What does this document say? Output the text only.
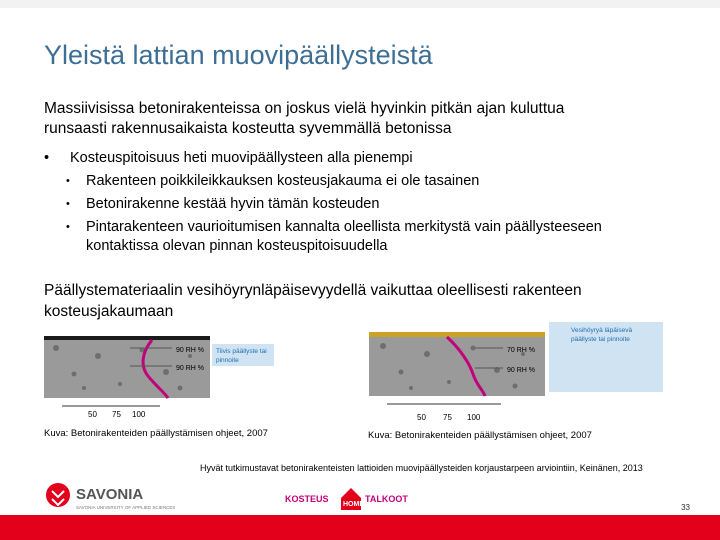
Yleistä lattian muovipäällysteistä
Massiivisissa betonirakenteissa on joskus vielä hyvinkin pitkän ajan kuluttua
runsaasti rakennusaikaista kosteutta syvemmällä betonissa
• Kosteuspitoisuus heti muovipäällysteen alla pienempi
• Rakenteen poikkileikkauksen kosteusjakauma ei ole tasainen
• Betonirakenne kestää hyvin tämän kosteuden
• Pintarakenteen vaurioitumisen kannalta oleellista merkitystä vain päällysteeseen kontaktissa olevan pinnan kosteuspitoisuudella
Päällystemateriaalin vesihöyrynläpäisevyydellä vaikuttaa oleellisesti rakenteen
kosteusjakaumaan
90 RH %
90 RH %
Tiivis päällyste tai
pinnoite
50 75 100
Kuva: Betonirakenteiden päällystämisen ohjeet, 2007
70 RH %
90 RH %
Vesihöyryä läpäisevä
päällyste tai pinnoite
50 75 100
Kuva: Betonirakenteiden päällystämisen ohjeet, 2007
Hyvät tutkimustavat betonirakenteisten lattioiden muovipäällysteiden korjaustarpeen arviointiin, Keinänen, 2013
SAVONIA
SAVONIA UNIVERSITY OF APPLIED SCIENCES
KOSTEUS
HOME
TALKOOT
33
